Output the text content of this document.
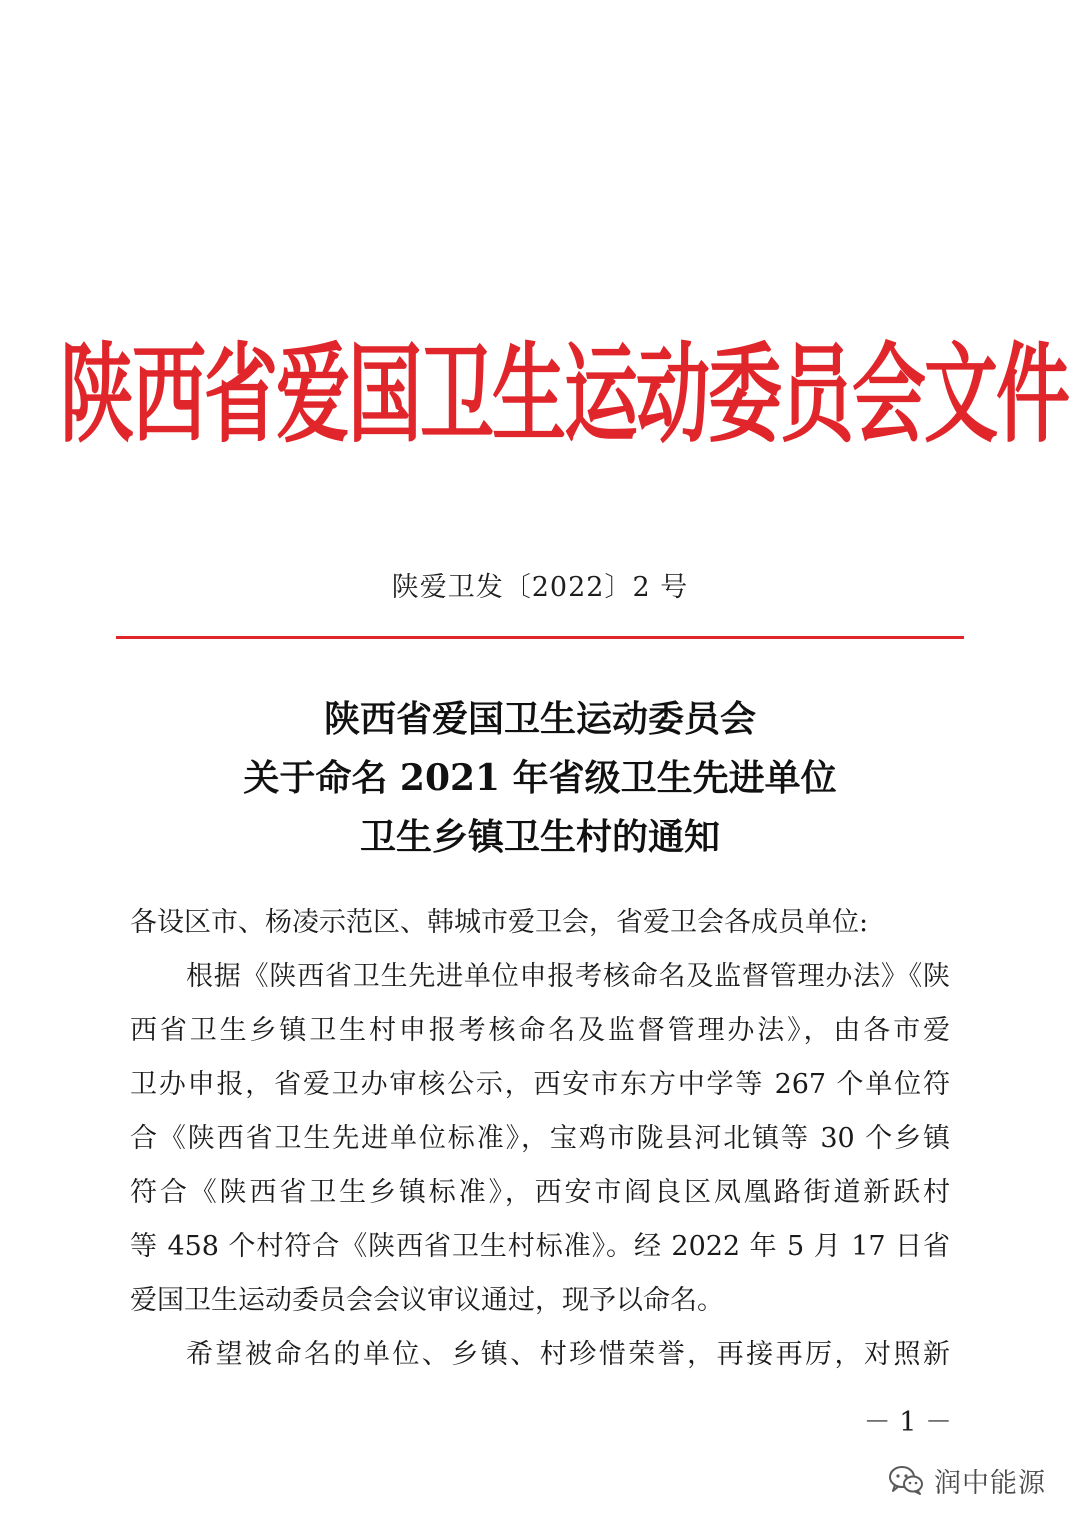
陕西省爱国卫生运动委员会文件
陕爱卫发〔2022〕2 号
陕西省爱国卫生运动委员会
关于命名 2021 年省级卫生先进单位
卫生乡镇卫生村的通知
各设区市、杨凌示范区、韩城市爱卫会，省爱卫会各成员单位:
根据《陕西省卫生先进单位申报考核命名及监督管理办法》《陕
西省卫生乡镇卫生村申报考核命名及监督管理办法》，由各市爱
卫办申报，省爱卫办审核公示，西安市东方中学等 267 个单位符
合《陕西省卫生先进单位标准》，宝鸡市陇县河北镇等 30 个乡镇
符合《陕西省卫生乡镇标准》，西安市阎良区凤凰路街道新跃村
等 458 个村符合《陕西省卫生村标准》。经 2022 年 5 月 17 日省
爱国卫生运动委员会会议审议通过，现予以命名。
希望被命名的单位、乡镇、村珍惜荣誉，再接再厉，对照新
－ 1 －
润中能源
